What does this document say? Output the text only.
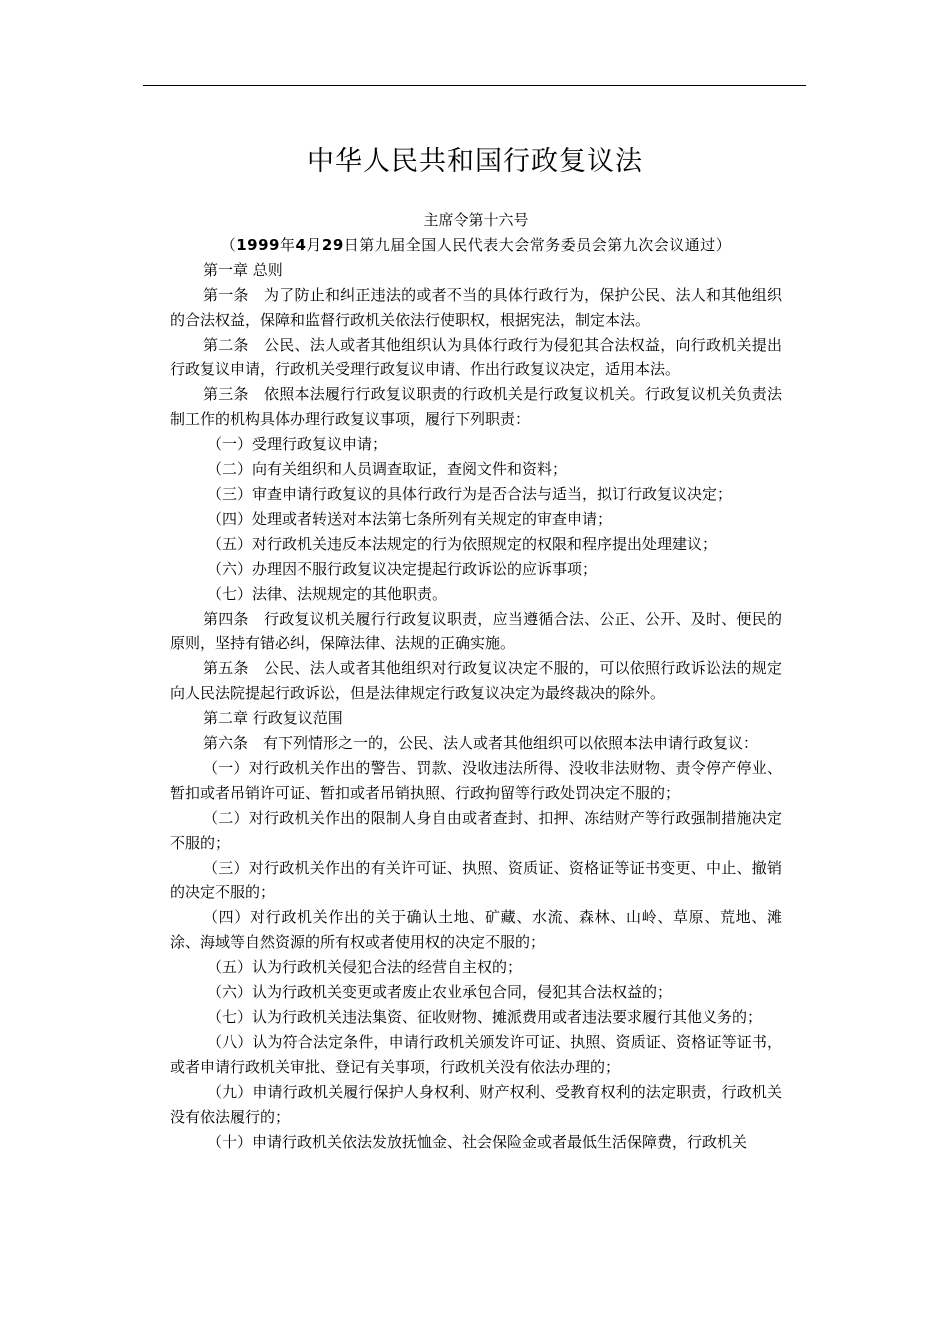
中华人民共和国行政复议法

主席令第十六号

（1999年4月29日第九届全国人民代表大会常务委员会第九次会议通过）

第一章 总则

第一条　为了防止和纠正违法的或者不当的具体行政行为，保护公民、法人和其他组织的合法权益，保障和监督行政机关依法行使职权，根据宪法，制定本法。

第二条　公民、法人或者其他组织认为具体行政行为侵犯其合法权益，向行政机关提出行政复议申请，行政机关受理行政复议申请、作出行政复议决定，适用本法。

第三条　依照本法履行行政复议职责的行政机关是行政复议机关。行政复议机关负责法制工作的机构具体办理行政复议事项，履行下列职责：

（一）受理行政复议申请；

（二）向有关组织和人员调查取证，查阅文件和资料；

（三）审查申请行政复议的具体行政行为是否合法与适当，拟订行政复议决定；

（四）处理或者转送对本法第七条所列有关规定的审查申请；

（五）对行政机关违反本法规定的行为依照规定的权限和程序提出处理建议；

（六）办理因不服行政复议决定提起行政诉讼的应诉事项；

（七）法律、法规规定的其他职责。

第四条　行政复议机关履行行政复议职责，应当遵循合法、公正、公开、及时、便民的原则，坚持有错必纠，保障法律、法规的正确实施。

第五条　公民、法人或者其他组织对行政复议决定不服的，可以依照行政诉讼法的规定向人民法院提起行政诉讼，但是法律规定行政复议决定为最终裁决的除外。

第二章 行政复议范围

第六条　有下列情形之一的，公民、法人或者其他组织可以依照本法申请行政复议：

（一）对行政机关作出的警告、罚款、没收违法所得、没收非法财物、责令停产停业、暂扣或者吊销许可证、暂扣或者吊销执照、行政拘留等行政处罚决定不服的；

（二）对行政机关作出的限制人身自由或者查封、扣押、冻结财产等行政强制措施决定不服的；

（三）对行政机关作出的有关许可证、执照、资质证、资格证等证书变更、中止、撤销的决定不服的；

（四）对行政机关作出的关于确认土地、矿藏、水流、森林、山岭、草原、荒地、滩涂、海域等自然资源的所有权或者使用权的决定不服的；

（五）认为行政机关侵犯合法的经营自主权的；

（六）认为行政机关变更或者废止农业承包合同，侵犯其合法权益的；

（七）认为行政机关违法集资、征收财物、摊派费用或者违法要求履行其他义务的；

（八）认为符合法定条件，申请行政机关颁发许可证、执照、资质证、资格证等证书，或者申请行政机关审批、登记有关事项，行政机关没有依法办理的；

（九）申请行政机关履行保护人身权利、财产权利、受教育权利的法定职责，行政机关没有依法履行的；

（十）申请行政机关依法发放抚恤金、社会保险金或者最低生活保障费，行政机关
